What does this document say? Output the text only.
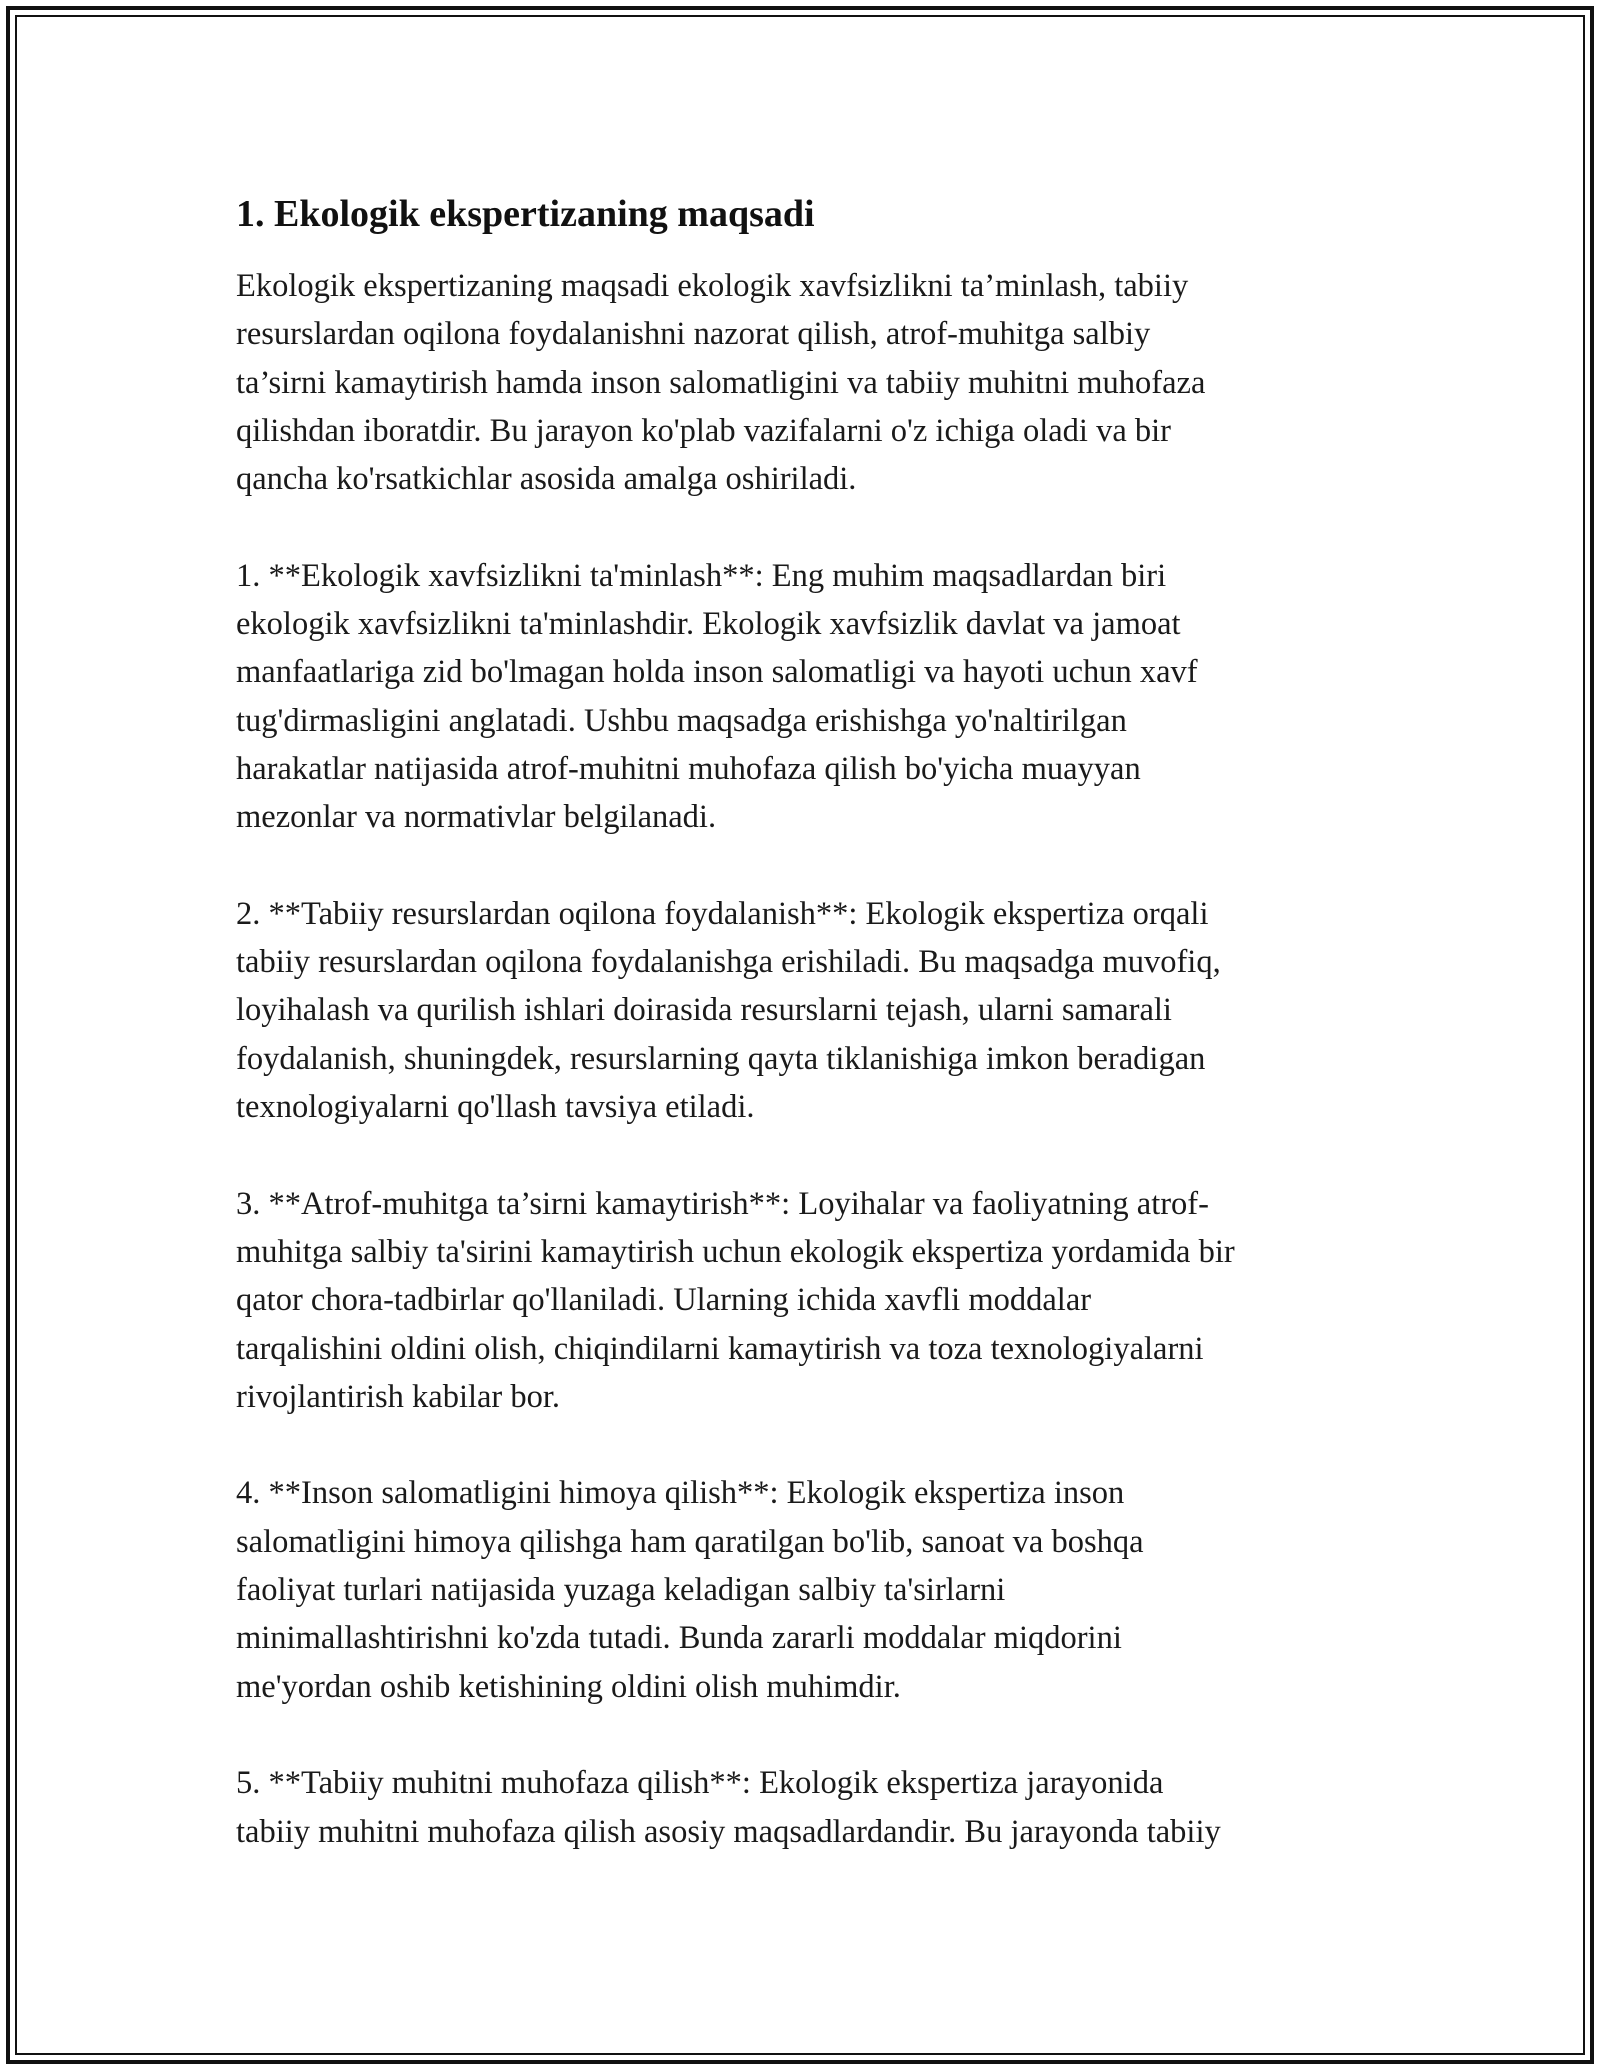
1. Ekologik ekspertizaning maqsadi

Ekologik ekspertizaning maqsadi ekologik xavfsizlikni ta’minlash, tabiiy
resurslardan oqilona foydalanishni nazorat qilish, atrof-muhitga salbiy
ta’sirni kamaytirish hamda inson salomatligini va tabiiy muhitni muhofaza
qilishdan iboratdir. Bu jarayon ko'plab vazifalarni o'z ichiga oladi va bir
qancha ko'rsatkichlar asosida amalga oshiriladi.

1. **Ekologik xavfsizlikni ta'minlash**: Eng muhim maqsadlardan biri
ekologik xavfsizlikni ta'minlashdir. Ekologik xavfsizlik davlat va jamoat
manfaatlariga zid bo'lmagan holda inson salomatligi va hayoti uchun xavf
tug'dirmasligini anglatadi. Ushbu maqsadga erishishga yo'naltirilgan
harakatlar natijasida atrof-muhitni muhofaza qilish bo'yicha muayyan
mezonlar va normativlar belgilanadi.

2. **Tabiiy resurslardan oqilona foydalanish**: Ekologik ekspertiza orqali
tabiiy resurslardan oqilona foydalanishga erishiladi. Bu maqsadga muvofiq,
loyihalash va qurilish ishlari doirasida resurslarni tejash, ularni samarali
foydalanish, shuningdek, resurslarning qayta tiklanishiga imkon beradigan
texnologiyalarni qo'llash tavsiya etiladi.

3. **Atrof-muhitga ta’sirni kamaytirish**: Loyihalar va faoliyatning atrof-
muhitga salbiy ta'sirini kamaytirish uchun ekologik ekspertiza yordamida bir
qator chora-tadbirlar qo'llaniladi. Ularning ichida xavfli moddalar
tarqalishini oldini olish, chiqindilarni kamaytirish va toza texnologiyalarni
rivojlantirish kabilar bor.

4. **Inson salomatligini himoya qilish**: Ekologik ekspertiza inson
salomatligini himoya qilishga ham qaratilgan bo'lib, sanoat va boshqa
faoliyat turlari natijasida yuzaga keladigan salbiy ta'sirlarni
minimallashtirishni ko'zda tutadi. Bunda zararli moddalar miqdorini
me'yordan oshib ketishining oldini olish muhimdir.

5. **Tabiiy muhitni muhofaza qilish**: Ekologik ekspertiza jarayonida
tabiiy muhitni muhofaza qilish asosiy maqsadlardandir. Bu jarayonda tabiiy
